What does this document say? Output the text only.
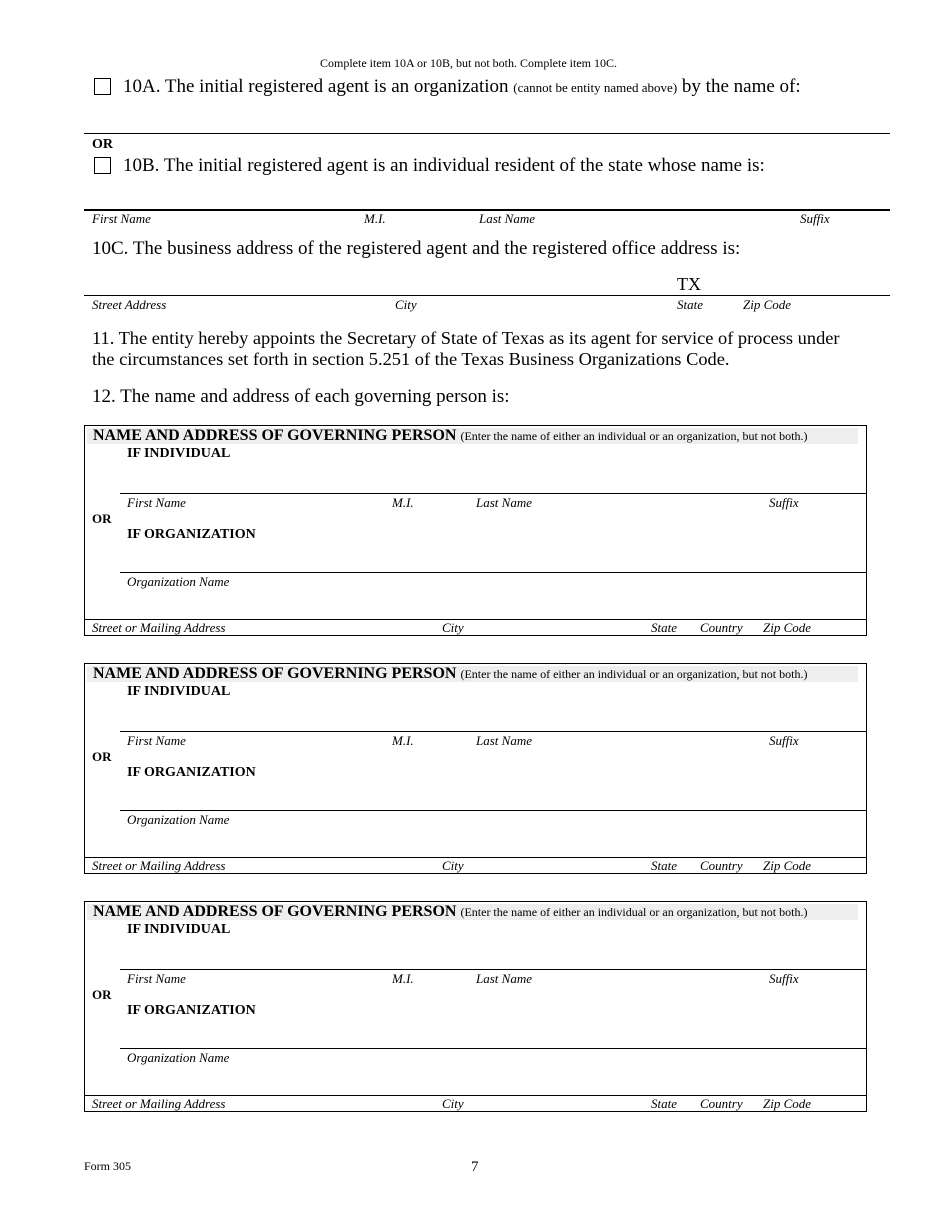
Complete item 10A or 10B, but not both. Complete item 10C.
10A. The initial registered agent is an organization (cannot be entity named above) by the name of:
OR
10B. The initial registered agent is an individual resident of the state whose name is:
First Name	M.I.	Last Name	Suffix
10C. The business address of the registered agent and the registered office address is:
TX
Street Address	City	State	Zip Code
11. The entity hereby appoints the Secretary of State of Texas as its agent for service of process under
the circumstances set forth in section 5.251 of the Texas Business Organizations Code.
12. The name and address of each governing person is:
NAME AND ADDRESS OF GOVERNING PERSON (Enter the name of either an individual or an organization, but not both.)
IF INDIVIDUAL
First Name	M.I.	Last Name	Suffix
OR
IF ORGANIZATION
Organization Name
Street or Mailing Address	City	State Country Zip Code
NAME AND ADDRESS OF GOVERNING PERSON (Enter the name of either an individual or an organization, but not both.)
IF INDIVIDUAL
First Name	M.I.	Last Name	Suffix
OR
IF ORGANIZATION
Organization Name
Street or Mailing Address	City	State Country Zip Code
NAME AND ADDRESS OF GOVERNING PERSON (Enter the name of either an individual or an organization, but not both.)
IF INDIVIDUAL
First Name	M.I.	Last Name	Suffix
OR
IF ORGANIZATION
Organization Name
Street or Mailing Address	City	State Country Zip Code
Form 305	7
